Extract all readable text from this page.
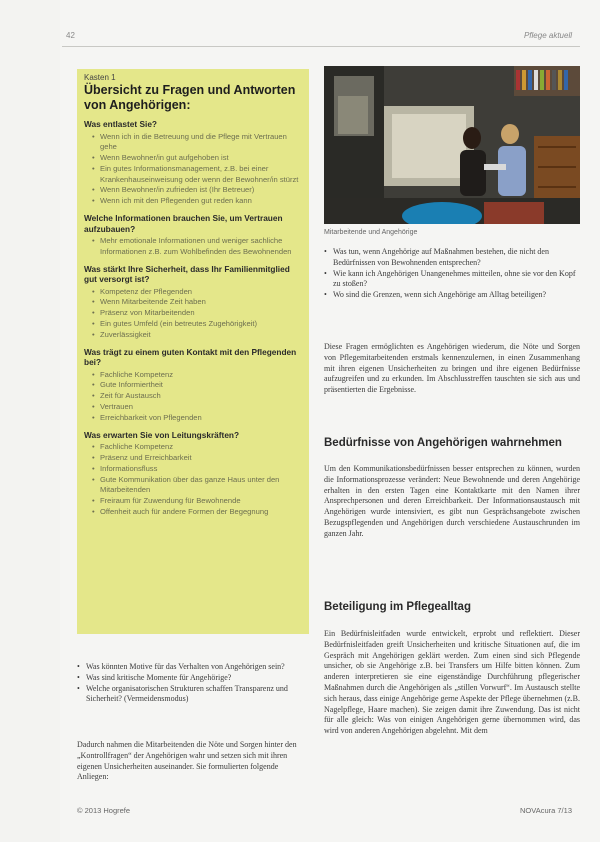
42	Pflege aktuell
Kasten 1
Übersicht zu Fragen und Antworten von Angehörigen:
Was entlastet Sie?
• Wenn ich in die Betreuung und die Pflege mit Vertrauen gehe
• Wenn Bewohner/in gut aufgehoben ist
• Ein gutes Informationsmanagement, z.B. bei einer Krankenhauseinweisung oder wenn der Bewohner/in stürzt
• Wenn Bewohner/in zufrieden ist (Ihr Betreuer)
• Wenn ich mit den Pflegenden gut reden kann
Welche Informationen brauchen Sie, um Vertrauen aufzubauen?
• Mehr emotionale Informationen und weniger sachliche Informationen z.B. zum Wohlbefinden des Bewohnenden
Was stärkt Ihre Sicherheit, dass Ihr Familienmitglied gut versorgt ist?
• Kompetenz der Pflegenden
• Wenn Mitarbeitende Zeit haben
• Präsenz von Mitarbeitenden
• Ein gutes Umfeld (ein betreutes Zugehörigkeit)
• Zuverlässigkeit
Was trägt zu einem guten Kontakt mit den Pflegenden bei?
• Fachliche Kompetenz
• Gute Informiertheit
• Zeit für Austausch
• Vertrauen
• Erreichbarkeit von Pflegenden
Was erwarten Sie von Leitungskräften?
• Fachliche Kompetenz
• Präsenz und Erreichbarkeit
• Informationsfluss
• Gute Kommunikation über das ganze Haus unter den Mitarbeitenden
• Freiraum für Zuwendung für Bewohnende
• Offenheit auch für andere Formen der Begegnung
• Was könnten Motive für das Verhalten von Angehörigen sein?
• Was sind kritische Momente für Angehörige?
• Welche organisatorischen Strukturen schaffen Transparenz und Sicherheit? (Vermeidensmodus)

Dadurch nahmen die Mitarbeitenden die Nöte und Sorgen hinter den „Kontrollfragen“ der Angehörigen wahr und setzen sich mit ihren eigenen Unsicherheiten auseinander. Sie formulierten folgende Anliegen:

Mitarbeitende und Angehörige
• Was tun, wenn Angehörige auf Maßnahmen bestehen, die nicht den Bedürfnissen von Bewohnenden entsprechen?
• Wie kann ich Angehörigen Unangenehmes mitteilen, ohne sie vor den Kopf zu stoßen?
• Wo sind die Grenzen, wenn sich Angehörige am Alltag beteiligen?

Diese Fragen ermöglichten es Angehörigen wiederum, die Nöte und Sorgen von Pflegemitarbeitenden erstmals kennenzulernen, in einen Zusammenhang mit ihren eigenen Unsicherheiten zu bringen und ihre eigenen Bedürfnisse aufzugreifen und zu erkunden. Im Abschlusstreffen tauschten sie sich aus und präsentierten die Ergebnisse.

Bedürfnisse von Angehörigen wahrnehmen

Um den Kommunikationsbedürfnissen besser entsprechen zu können, wurden die Informationsprozesse verändert: Neue Bewohnende und deren Angehörige erhalten in den ersten Tagen eine Kontaktkarte mit den Namen ihrer Ansprechpersonen und deren Erreichbarkeit. Der Informationsaustausch mit Angehörigen wurde intensiviert, es gibt nun Gesprächsangebote zwischen Bezugspflegenden und Angehörigen durch verschiedene Austauschrunden im ganzen Jahr.

Beteiligung im Pflegealltag

Ein Bedürfnisleitfaden wurde entwickelt, erprobt und reflektiert. Dieser Bedürfnisleitfaden greift Unsicherheiten und kritische Situationen auf, die im Gespräch mit Angehörigen geklärt werden. Zum einen sind sich Pflegende unsicher, ob sie Angehörige z.B. bei Transfers um Hilfe bitten können. Zum anderen interpretieren sie eine eigenständige Durchführung pflegerischer Maßnahmen durch die Angehörigen als „stillen Vorwurf“. Im Austausch stellte sich heraus, dass einige Angehörige gerne Aspekte der Pflege übernehmen (z.B. Nagelpflege, Haare machen). Sie zeigen damit ihre Zuwendung. Das ist nicht für alle gleich: Was von einigen Angehörigen gerne übernommen wird, das wird von anderen Angehörigen abgelehnt. Mit dem

© 2013 Hogrefe	NOVAcura 7/13
